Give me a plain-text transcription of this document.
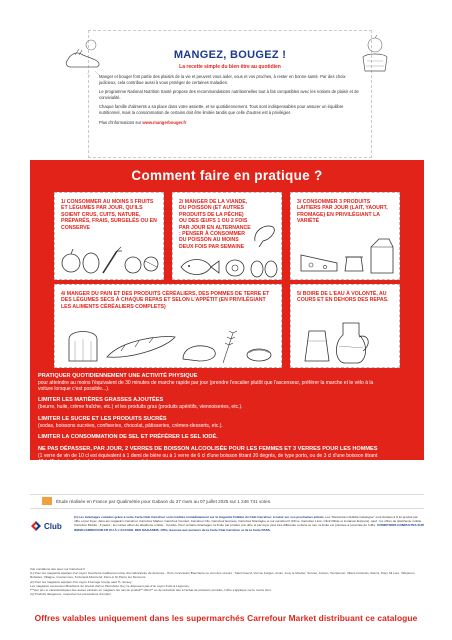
MANGEZ, BOUGEZ !
La recette simple du bien être au quotidien

Manger et bouger font partie des plaisirs de la vie et peuvent vous aider, vous et vos proches, à rester en bonne santé. Par des choix judicieux, cela contribue aussi à vous protéger de certaines maladies.

Le programme National Nutrition Santé propose des recommandations nutritionnelles tout à fait compatibles avec les notions de plaisir et de convivialité.

Chaque famille d'aliments a sa place dans votre assiette, et se quotidiennement. Tous sont indispensables pour assurer un équilibre nutritionnel, mais la consommation de certains doit être limitée tandis que celle d'autres est à privilégier.

Plus d'informations sur www.mangerbouger.fr

Comment faire en pratique ?
1/ CONSOMMER AU MOINS 5 FRUITS ET LÉGUMES PAR JOUR, QU'ILS SOIENT CRUS, CUITS, NATURE, PRÉPARÉS, FRAIS, SURGELÉS OU EN CONSERVE
2/ MANGER DE LA VIANDE, DU POISSON (ET AUTRES PRODUITS DE LA PÊCHE) OU DES ŒUFS 1 OU 2 FOIS PAR JOUR EN ALTERNANCE ; PENSER À CONSOMMER DU POISSON AU MOINS DEUX FOIS PAR SEMAINE
3/ CONSOMMER 3 PRODUITS LAITIERS PAR JOUR (LAIT, YAOURT, FROMAGE) EN PRIVILÉGIANT LA VARIÉTÉ
4/ MANGER DU PAIN ET DES PRODUITS CÉRÉALIERS, DES POMMES DE TERRE ET DES LÉGUMES SECS À CHAQUE REPAS ET SELON L'APPÉTIT (EN PRIVILÉGIANT LES ALIMENTS CÉRÉALIERS COMPLETS)
5/ BOIRE DE L'EAU À VOLONTÉ, AU COURS ET EN DEHORS DES REPAS.
PRATIQUER QUOTIDIENNEMENT UNE ACTIVITÉ PHYSIQUE
pour atteindre au moins l'équivalent de 30 minutes de marche rapide par jour (prendre l'escalier plutôt que l'ascenseur, préférer la marche et le vélo à la voiture lorsque c'est possible...).
LIMITER LES MATIÈRES GRASSES AJOUTÉES
(beurre, huile, crème fraîche, etc.) et les produits gras (produits apéritifs, viennoiseries, etc.).
LIMITER LE SUCRE ET LES PRODUITS SUCRÉS
(sodas, boissons sucrées, confiseries, chocolat, pâtisseries, crèmes-desserts, etc.).
LIMITER LA CONSOMMATION DE SEL ET PRÉFÉRER LE SEL IODÉ.
NE PAS DÉPASSER, PAR JOUR, 2 VERRES DE BOISSON ALCOOLISÉE POUR LES FEMMES ET 3 VERRES POUR LES HOMMES
(1 verre de vin de 10 cl est équivalent à 1 demi de bière ou à 1 verre de 6 cl d'une boisson titrant 20 degrés, de type porto, ou de 3 cl d'une boisson titrant 40 à 45 degrés d'alcool, de type whisky ou pastis).
Étude réalisée en France par Qualimétrie pour Gabaon du 27 mars au 07 juillet 2025 sur 1 246 741 votes.
Club
(1) Les Avantages cumulés grâce à votre Carte Club Carrefour sont crédités immédiatement sur la Cagnotte Fidélité du Club Carrefour, à valoir sur vos prochaines achats. Les "Réductions Fidélité Catalogue" sont limitées à 6 lot produit par offre et par foyer, dans les magasins Carrefour, Carrefour Market, Carrefour Contact, Carrefour City, Carrefour Express, Carrefour Montagne et sur carrefour.fr (Drive, Carrefour Livré, Click'n'Ride et Livraison Express), sauf : les offres de téléphonie mobile Carrefour Mobile ; 3 packs ; les cartes offres de téléphone mobile ; 3 packs. Pour certains Avantages, la limite par produit, par offre et par foyer peut être différente et dans ce cas, la limite est précisée à proximité de l'offre. CONDITIONS COMPLETES SUR WWW.CARREFOUR.FR OU À L'ACCUEIL DES MAGASINS. Offre réservée aux porteurs de la Carte Club Carrefour et de la Carte PASS.
Voir conditions des avec sur Carrefour.fr
(1) Pour les magasins équipés d'un rayon boucherie traditionnel et/ou d'un laboratoire de découpe - Hors concession Boucherie Le coin des viveurs : Saint Ouend, Verzon Forges, Asnin, Jouy le Moutier, Sunnel, Jusson, Templemer, Villers-Cotterets, Reims, Pacy Sil Lore, Villepreux, Rubelles, Villagne, Coulommes, St Amand-Montrond, Flers et St Pierre les Nemours.
(2) Pour les magasins équipés d'un rayon Fromage Coupe sauf 7L Jussey.
Les magasins concession Brachène de Grezal (A2) et Pierrefeite (3+) ne disposent pas d'un rayon fruits & Légumes.
***Voir prix et caractéristiques des autres variétés en magasin. En cas de produit** offert** ou de réduction liée à l'achat de plusieurs produits, l'offre s'applique sur le moins cher.
(3) Produits dangereux, respectez les précautions d'emploi.
Offres valables uniquement dans les supermarchés Carrefour Market distribuant ce catalogue
